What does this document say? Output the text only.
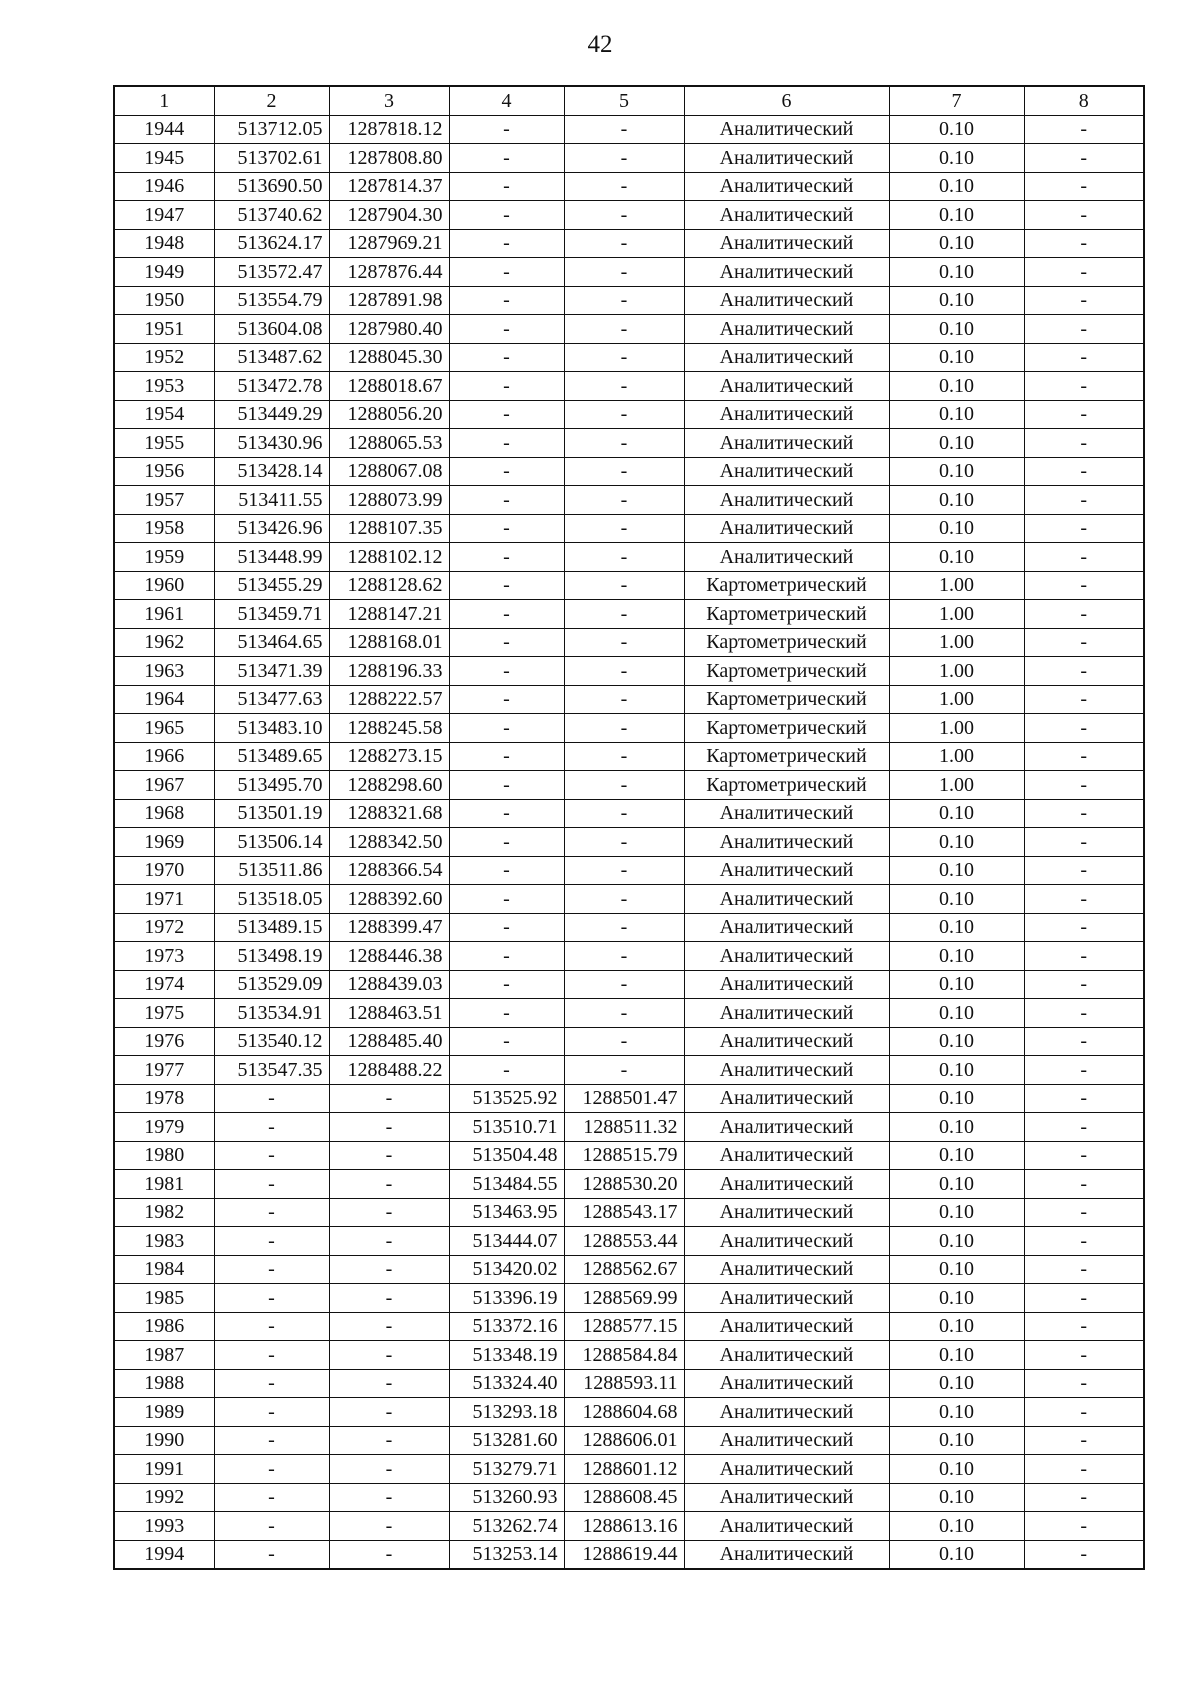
42
1	2	3	4	5	6	7	8
1944	513712.05	1287818.12	-	-	Аналитический	0.10	-
1945	513702.61	1287808.80	-	-	Аналитический	0.10	-
1946	513690.50	1287814.37	-	-	Аналитический	0.10	-
1947	513740.62	1287904.30	-	-	Аналитический	0.10	-
1948	513624.17	1287969.21	-	-	Аналитический	0.10	-
1949	513572.47	1287876.44	-	-	Аналитический	0.10	-
1950	513554.79	1287891.98	-	-	Аналитический	0.10	-
1951	513604.08	1287980.40	-	-	Аналитический	0.10	-
1952	513487.62	1288045.30	-	-	Аналитический	0.10	-
1953	513472.78	1288018.67	-	-	Аналитический	0.10	-
1954	513449.29	1288056.20	-	-	Аналитический	0.10	-
1955	513430.96	1288065.53	-	-	Аналитический	0.10	-
1956	513428.14	1288067.08	-	-	Аналитический	0.10	-
1957	513411.55	1288073.99	-	-	Аналитический	0.10	-
1958	513426.96	1288107.35	-	-	Аналитический	0.10	-
1959	513448.99	1288102.12	-	-	Аналитический	0.10	-
1960	513455.29	1288128.62	-	-	Картометрический	1.00	-
1961	513459.71	1288147.21	-	-	Картометрический	1.00	-
1962	513464.65	1288168.01	-	-	Картометрический	1.00	-
1963	513471.39	1288196.33	-	-	Картометрический	1.00	-
1964	513477.63	1288222.57	-	-	Картометрический	1.00	-
1965	513483.10	1288245.58	-	-	Картометрический	1.00	-
1966	513489.65	1288273.15	-	-	Картометрический	1.00	-
1967	513495.70	1288298.60	-	-	Картометрический	1.00	-
1968	513501.19	1288321.68	-	-	Аналитический	0.10	-
1969	513506.14	1288342.50	-	-	Аналитический	0.10	-
1970	513511.86	1288366.54	-	-	Аналитический	0.10	-
1971	513518.05	1288392.60	-	-	Аналитический	0.10	-
1972	513489.15	1288399.47	-	-	Аналитический	0.10	-
1973	513498.19	1288446.38	-	-	Аналитический	0.10	-
1974	513529.09	1288439.03	-	-	Аналитический	0.10	-
1975	513534.91	1288463.51	-	-	Аналитический	0.10	-
1976	513540.12	1288485.40	-	-	Аналитический	0.10	-
1977	513547.35	1288488.22	-	-	Аналитический	0.10	-
1978	-	-	513525.92	1288501.47	Аналитический	0.10	-
1979	-	-	513510.71	1288511.32	Аналитический	0.10	-
1980	-	-	513504.48	1288515.79	Аналитический	0.10	-
1981	-	-	513484.55	1288530.20	Аналитический	0.10	-
1982	-	-	513463.95	1288543.17	Аналитический	0.10	-
1983	-	-	513444.07	1288553.44	Аналитический	0.10	-
1984	-	-	513420.02	1288562.67	Аналитический	0.10	-
1985	-	-	513396.19	1288569.99	Аналитический	0.10	-
1986	-	-	513372.16	1288577.15	Аналитический	0.10	-
1987	-	-	513348.19	1288584.84	Аналитический	0.10	-
1988	-	-	513324.40	1288593.11	Аналитический	0.10	-
1989	-	-	513293.18	1288604.68	Аналитический	0.10	-
1990	-	-	513281.60	1288606.01	Аналитический	0.10	-
1991	-	-	513279.71	1288601.12	Аналитический	0.10	-
1992	-	-	513260.93	1288608.45	Аналитический	0.10	-
1993	-	-	513262.74	1288613.16	Аналитический	0.10	-
1994	-	-	513253.14	1288619.44	Аналитический	0.10	-
